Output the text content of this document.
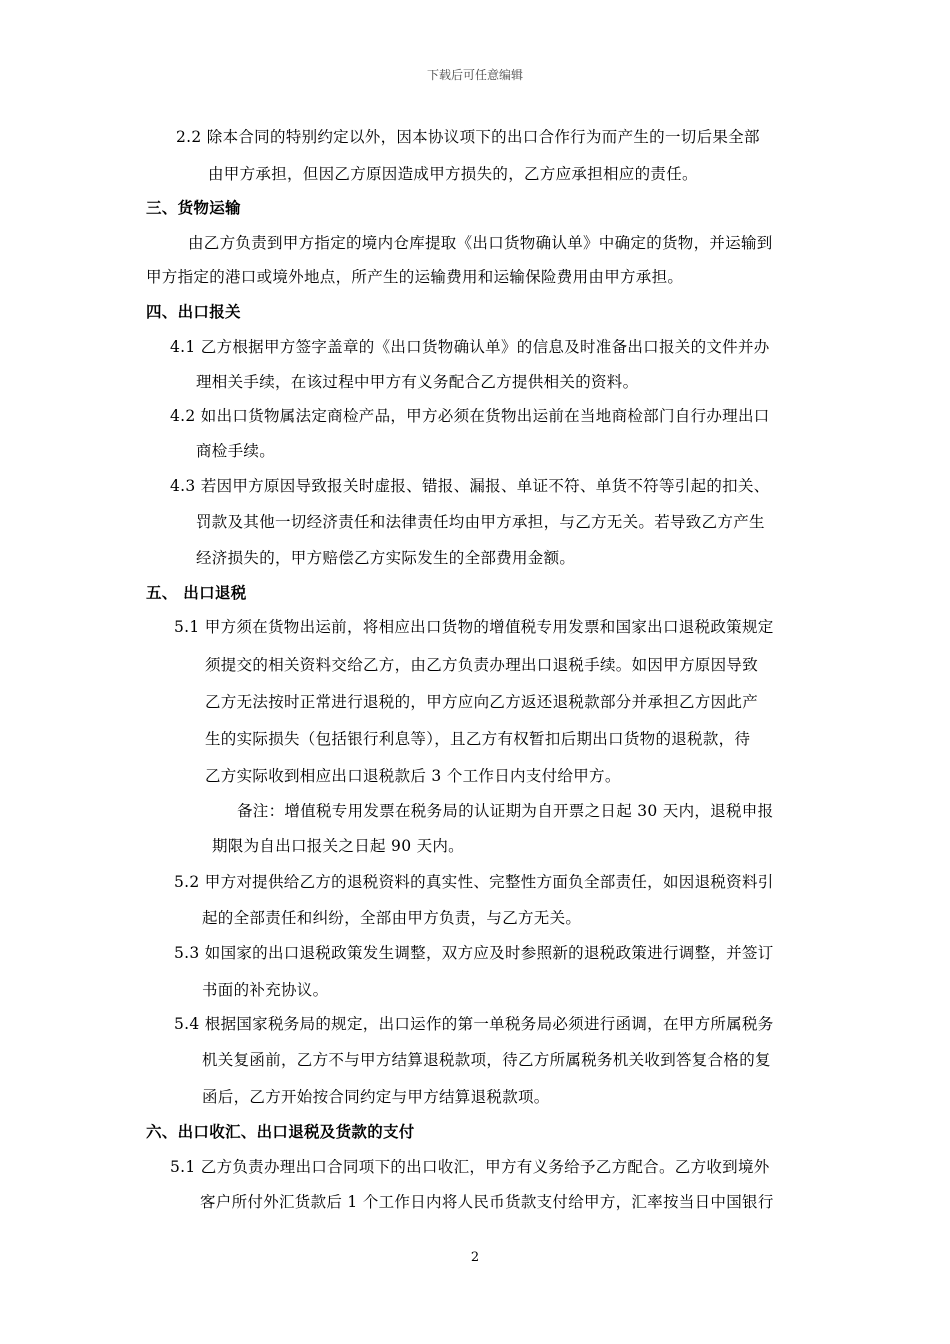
下载后可任意编辑
2.2 除本合同的特别约定以外，因本协议项下的出口合作行为而产生的一切后果全部
由甲方承担，但因乙方原因造成甲方损失的，乙方应承担相应的责任。
三、货物运输
由乙方负责到甲方指定的境内仓库提取《出口货物确认单》中确定的货物，并运输到
甲方指定的港口或境外地点，所产生的运输费用和运输保险费用由甲方承担。
四、出口报关
4.1 乙方根据甲方签字盖章的《出口货物确认单》的信息及时准备出口报关的文件并办
理相关手续，在该过程中甲方有义务配合乙方提供相关的资料。
4.2 如出口货物属法定商检产品，甲方必须在货物出运前在当地商检部门自行办理出口
商检手续。
4.3 若因甲方原因导致报关时虚报、错报、漏报、单证不符、单货不符等引起的扣关、
罚款及其他一切经济责任和法律责任均由甲方承担，与乙方无关。若导致乙方产生
经济损失的，甲方赔偿乙方实际发生的全部费用金额。
五、 出口退税
5.1 甲方须在货物出运前，将相应出口货物的增值税专用发票和国家出口退税政策规定
须提交的相关资料交给乙方，由乙方负责办理出口退税手续。如因甲方原因导致
乙方无法按时正常进行退税的，甲方应向乙方返还退税款部分并承担乙方因此产
生的实际损失（包括银行利息等），且乙方有权暂扣后期出口货物的退税款，待
乙方实际收到相应出口退税款后 3 个工作日内支付给甲方。
备注：增值税专用发票在税务局的认证期为自开票之日起 30 天内，退税申报
期限为自出口报关之日起 90 天内。
5.2 甲方对提供给乙方的退税资料的真实性、完整性方面负全部责任，如因退税资料引
起的全部责任和纠纷，全部由甲方负责，与乙方无关。
5.3 如国家的出口退税政策发生调整，双方应及时参照新的退税政策进行调整，并签订
书面的补充协议。
5.4 根据国家税务局的规定，出口运作的第一单税务局必须进行函调，在甲方所属税务
机关复函前，乙方不与甲方结算退税款项，待乙方所属税务机关收到答复合格的复
函后，乙方开始按合同约定与甲方结算退税款项。
六、出口收汇、出口退税及货款的支付
5.1 乙方负责办理出口合同项下的出口收汇，甲方有义务给予乙方配合。乙方收到境外
客户所付外汇货款后 1 个工作日内将人民币货款支付给甲方，汇率按当日中国银行
2
